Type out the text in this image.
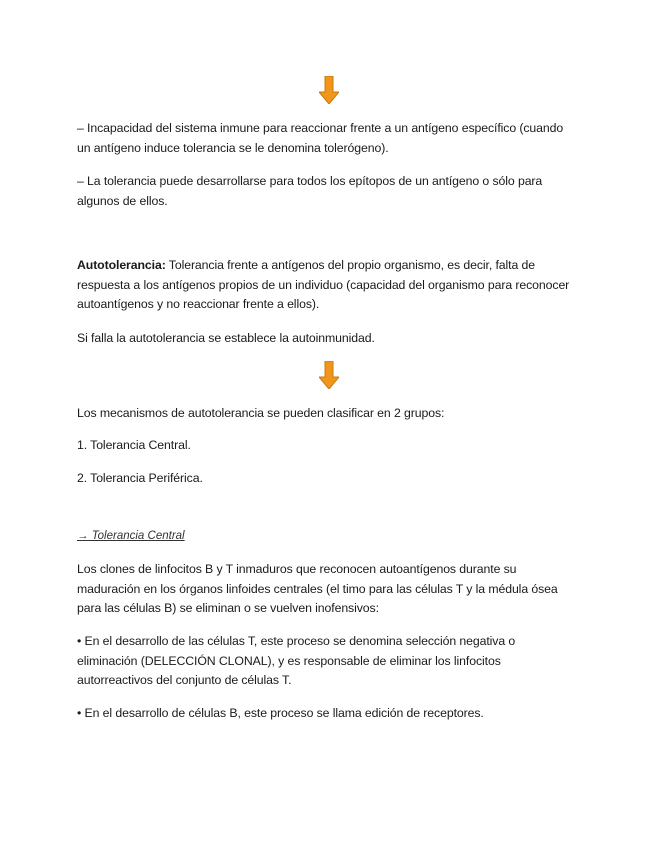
– Incapacidad del sistema inmune para reaccionar frente a un antígeno específico (cuando un antígeno induce tolerancia se le denomina tolerógeno).
– La tolerancia puede desarrollarse para todos los epítopos de un antígeno o sólo para algunos de ellos.
Autotolerancia: Tolerancia frente a antígenos del propio organismo, es decir, falta de respuesta a los antígenos propios de un individuo (capacidad del organismo para reconocer autoantígenos y no reaccionar frente a ellos).
Si falla la autotolerancia se establece la autoinmunidad.
Los mecanismos de autotolerancia se pueden clasificar en 2 grupos:
1. Tolerancia Central.
2. Tolerancia Periférica.
→ Tolerancia Central
Los clones de linfocitos B y T inmaduros que reconocen autoantígenos durante su maduración en los órganos linfoides centrales (el timo para las células T y la médula ósea para las células B) se eliminan o se vuelven inofensivos:
• En el desarrollo de las células T, este proceso se denomina selección negativa o eliminación (DELECCIÓN CLONAL), y es responsable de eliminar los linfocitos autorreactivos del conjunto de células T.
• En el desarrollo de células B, este proceso se llama edición de receptores.
